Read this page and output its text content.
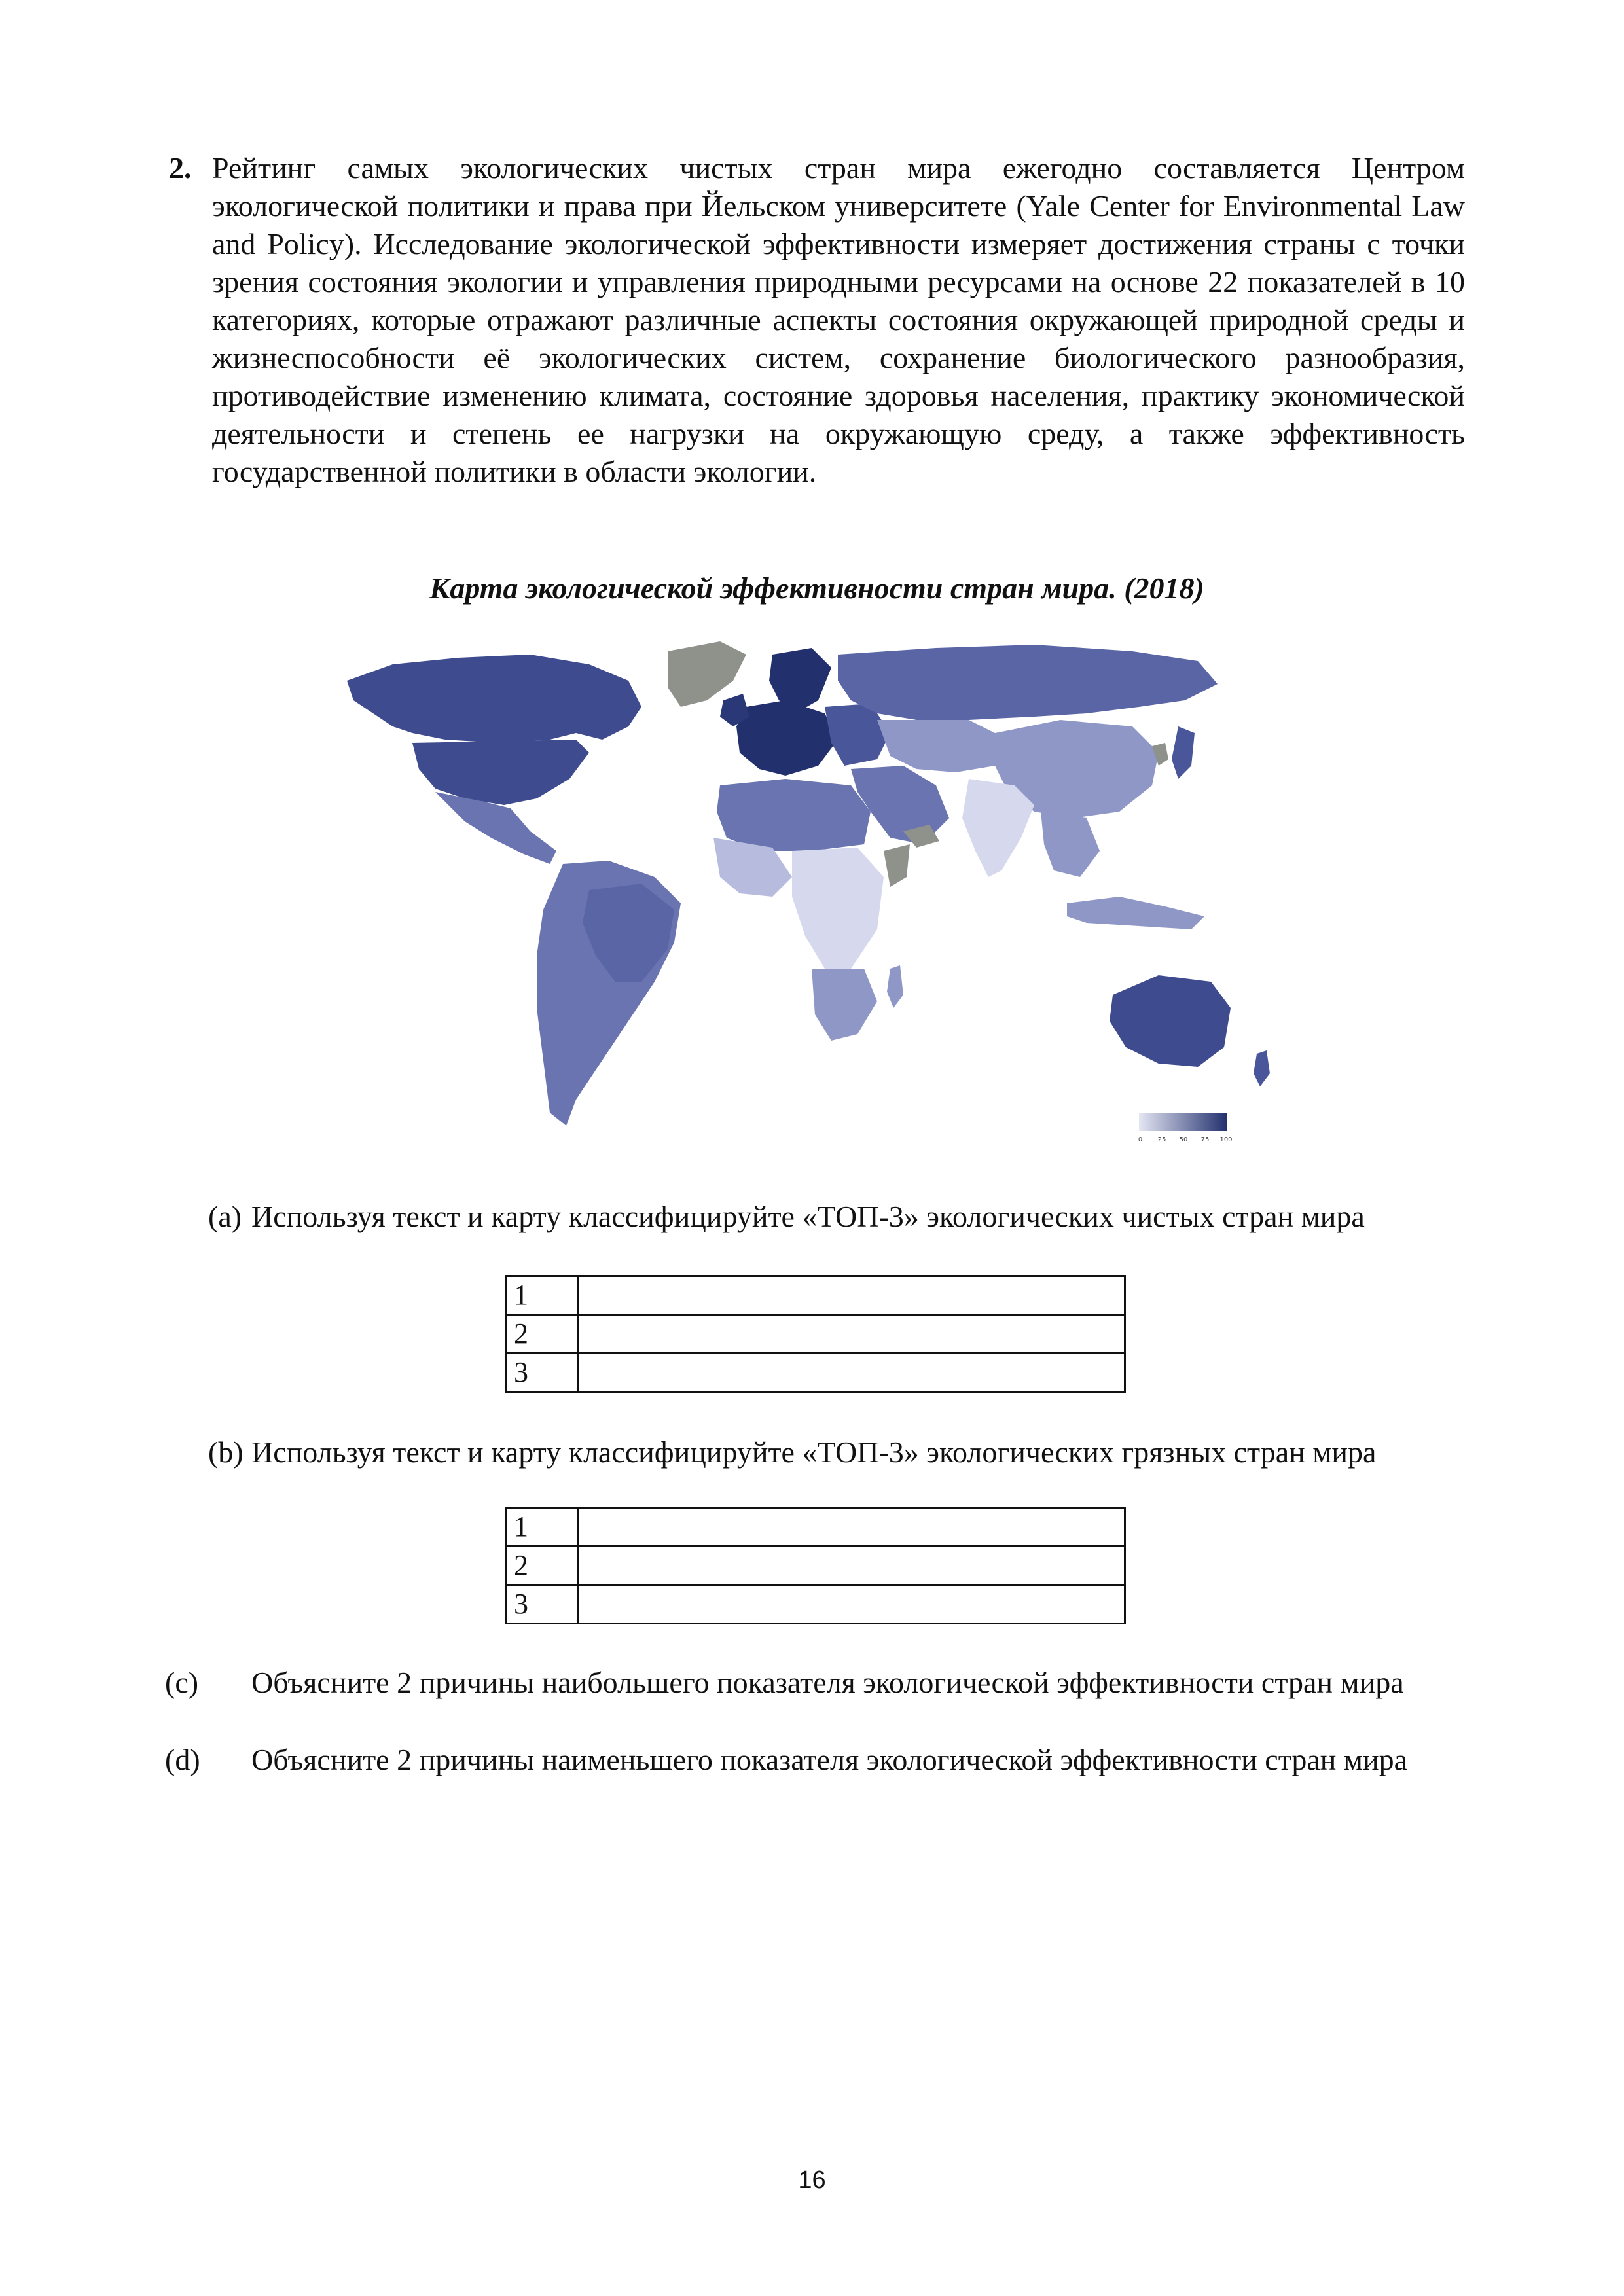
2. Рейтинг самых экологических чистых стран мира ежегодно составляется Центром экологической политики и права при Йельском университете (Yale Center for Environmental Law and Policy). Исследование экологической эффективности измеряет достижения страны с точки зрения состояния экологии и управления природными ресурсами на основе 22 показателей в 10 категориях, которые отражают различные аспекты состояния окружающей природной среды и жизнеспособности её экологических систем, сохранение биологического разнообразия, противодействие изменению климата, состояние здоровья населения, практику экономической деятельности и степень ее нагрузки на окружающую среду, а также эффективность государственной политики в области экологии.
Карта экологической эффективности стран мира. (2018)
0 25 50 75 100
(a) Используя текст и карту классифицируйте «ТОП-3» экологических чистых стран мира
1	
2	
3	
(b) Используя текст и карту классифицируйте «ТОП-3» экологических грязных стран мира
1	
2	
3	
(c) Объясните 2 причины наибольшего показателя экологической эффективности стран мира
(d) Объясните 2 причины наименьшего показателя экологической эффективности стран мира
16
